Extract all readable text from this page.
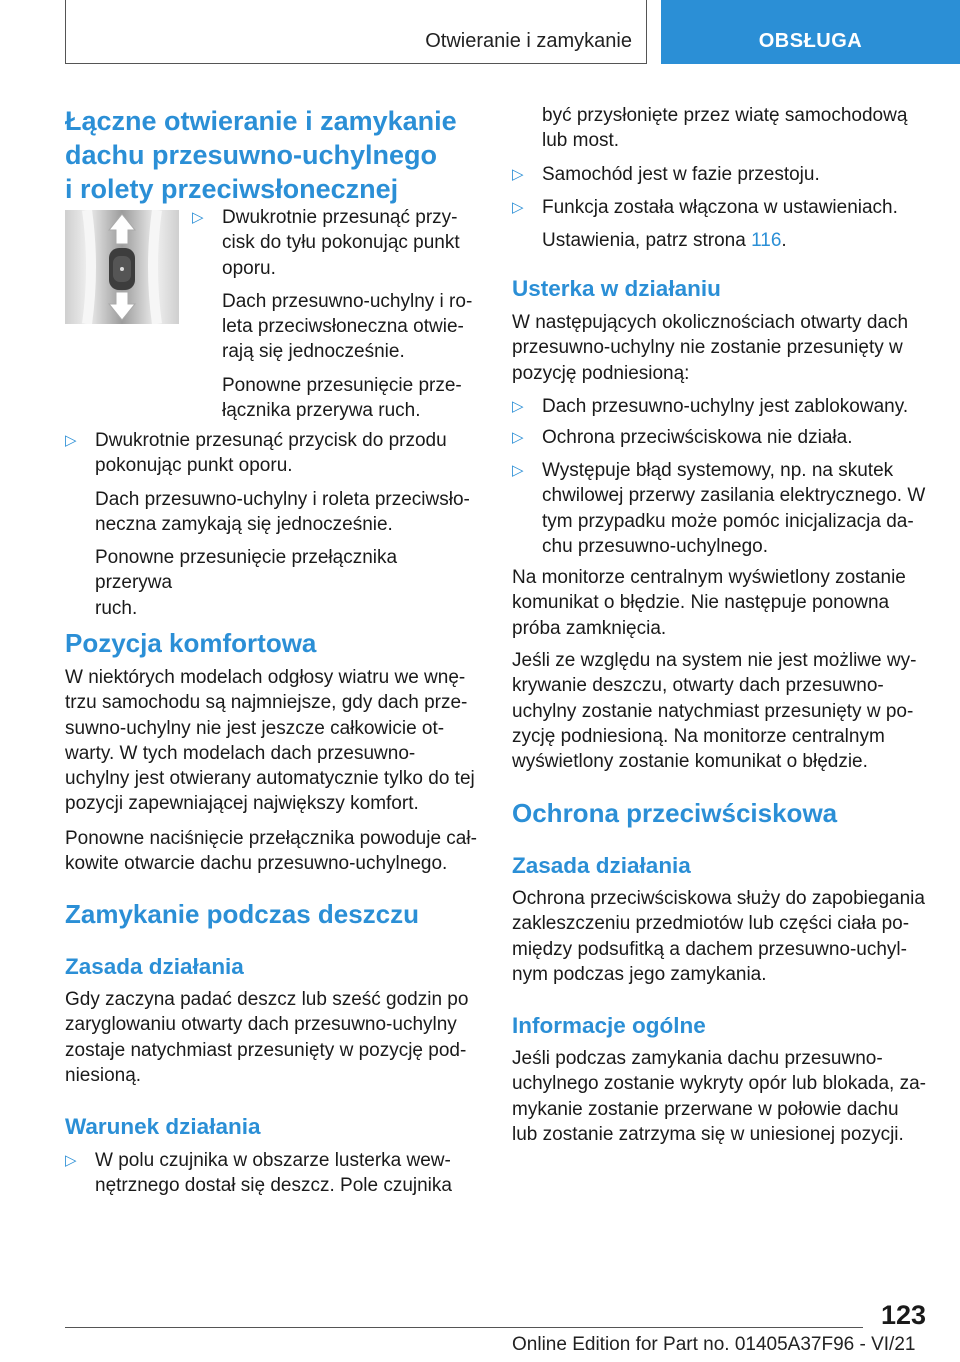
Otwieranie i zamykanie	OBSŁUGA
Łączne otwieranie i zamykanie
dachu przesuwno-uchylnego
i rolety przeciwsłonecznej
▷ Dwukrotnie przesunąć przy-
cisk do tyłu pokonując punkt
oporu.
Dach przesuwno-uchylny i ro-
leta przeciwsłoneczna otwie-
rają się jednocześnie.
Ponowne przesunięcie prze-
łącznika przerywa ruch.
▷ Dwukrotnie przesunąć przycisk do przodu
pokonując punkt oporu.
Dach przesuwno-uchylny i roleta przeciwsło-
neczna zamykają się jednocześnie.
Ponowne przesunięcie przełącznika przerywa
ruch.
Pozycja komfortowa

W niektórych modelach odgłosy wiatru we wnę-

trzu samochodu są najmniejsze, gdy dach prze-

suwno-uchylny nie jest jeszcze całkowicie ot-

warty. W tych modelach dach przesuwno-

uchylny jest otwierany automatycznie tylko do tej

pozycji zapewniającej największy komfort.

Ponowne naciśnięcie przełącznika powoduje cał-

kowite otwarcie dachu przesuwno-uchylnego.

Zamykanie podczas deszczu
Zasada działania

Gdy zaczyna padać deszcz lub sześć godzin po

zaryglowaniu otwarty dach przesuwno-uchylny

zostaje natychmiast przesunięty w pozycję pod-

niesioną.

Warunek działania
▷ W polu czujnika w obszarze lusterka wew-
nętrznego dostał się deszcz. Pole czujnika
być przysłonięte przez wiatę samochodową
lub most.
▷ Samochód jest w fazie przestoju.
▷ Funkcja została włączona w ustawieniach.
Ustawienia, patrz strona 116.
Usterka w działaniu

W następujących okolicznościach otwarty dach

przesuwno-uchylny nie zostanie przesunięty w

pozycję podniesioną:

▷ Dach przesuwno-uchylny jest zablokowany.
▷ Ochrona przeciwściskowa nie działa.
▷ Występuje błąd systemowy, np. na skutek
chwilowej przerwy zasilania elektrycznego. W
tym przypadku może pomóc inicjalizacja da-
chu przesuwno-uchylnego.

Na monitorze centralnym wyświetlony zostanie

komunikat o błędzie. Nie następuje ponowna

próba zamknięcia.

Jeśli ze względu na system nie jest możliwe wy-

krywanie deszczu, otwarty dach przesuwno-

uchylny zostanie natychmiast przesunięty w po-

zycję podniesioną. Na monitorze centralnym

wyświetlony zostanie komunikat o błędzie.

Ochrona przeciwściskowa
Zasada działania

Ochrona przeciwściskowa służy do zapobiegania

zakleszczeniu przedmiotów lub części ciała po-

między podsufitką a dachem przesuwno-uchyl-

nym podczas jego zamykania.

Informacje ogólne

Jeśli podczas zamykania dachu przesuwno-

uchylnego zostanie wykryty opór lub blokada, za-

mykanie zostanie przerwane w połowie dachu

lub zostanie zatrzyma się w uniesionej pozycji.

123
Online Edition for Part no. 01405A37F96 - VI/21
